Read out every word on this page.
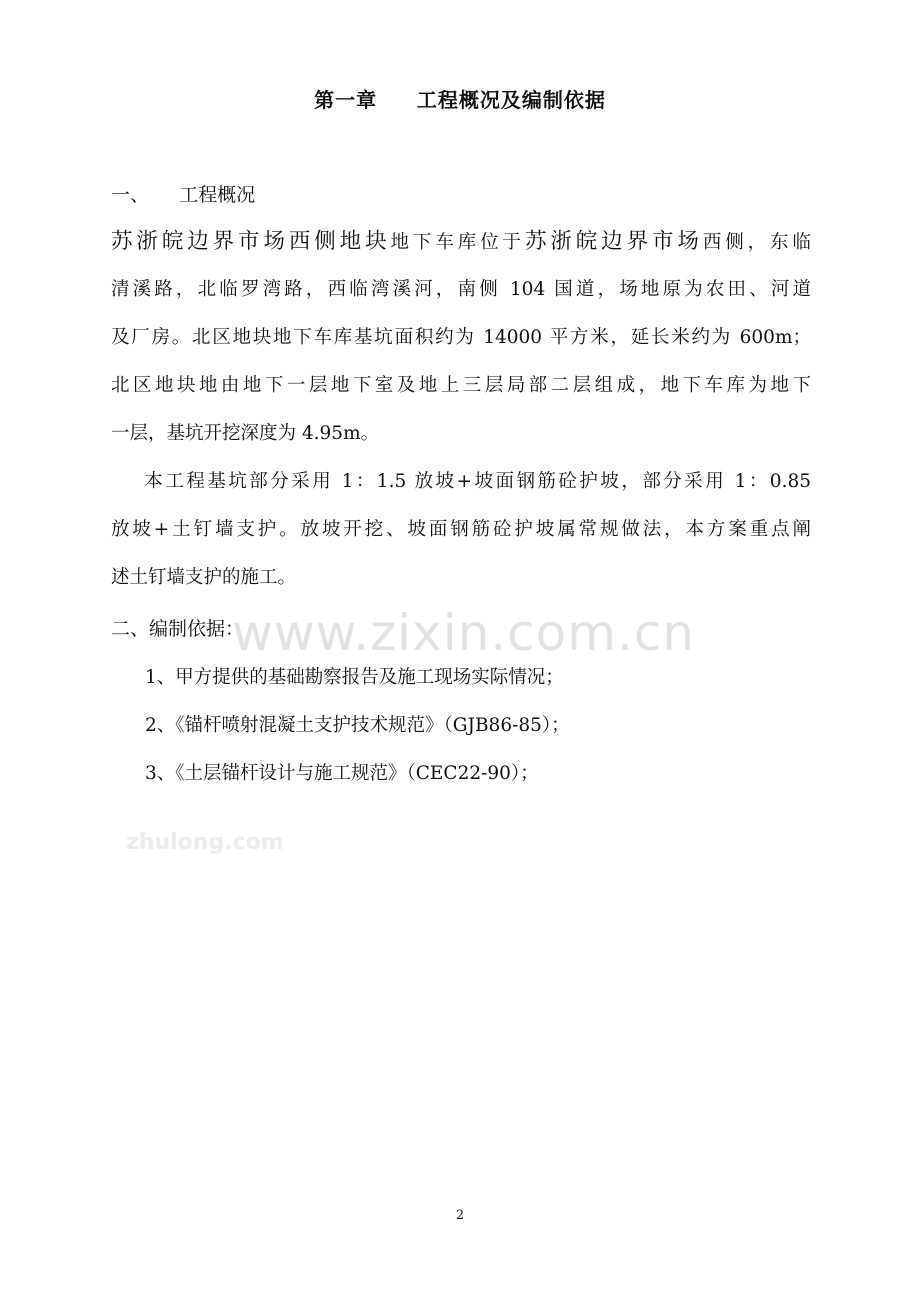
第一章     工程概况及编制依据
一、     工程概况
苏浙皖边界市场西侧地块地下车库位于苏浙皖边界市场西侧，东临
清溪路，北临罗湾路，西临湾溪河，南侧 104 国道，场地原为农田、河道
及厂房。北区地块地下车库基坑面积约为 14000 平方米，延长米约为 600m；
北区地块地由地下一层地下室及地上三层局部二层组成，地下车库为地下
一层，基坑开挖深度为 4.95m。
本工程基坑部分采用 1：1.5 放坡+坡面钢筋砼护坡，部分采用 1：0.85
放坡+土钉墙支护。放坡开挖、坡面钢筋砼护坡属常规做法，本方案重点阐
述土钉墙支护的施工。
二、编制依据：
1、甲方提供的基础勘察报告及施工现场实际情况；
2、《锚杆喷射混凝土支护技术规范》（GJB86-85）；
3、《土层锚杆设计与施工规范》（CEC22-90）；
www.zixin.com.cn
zhulong.com
2
